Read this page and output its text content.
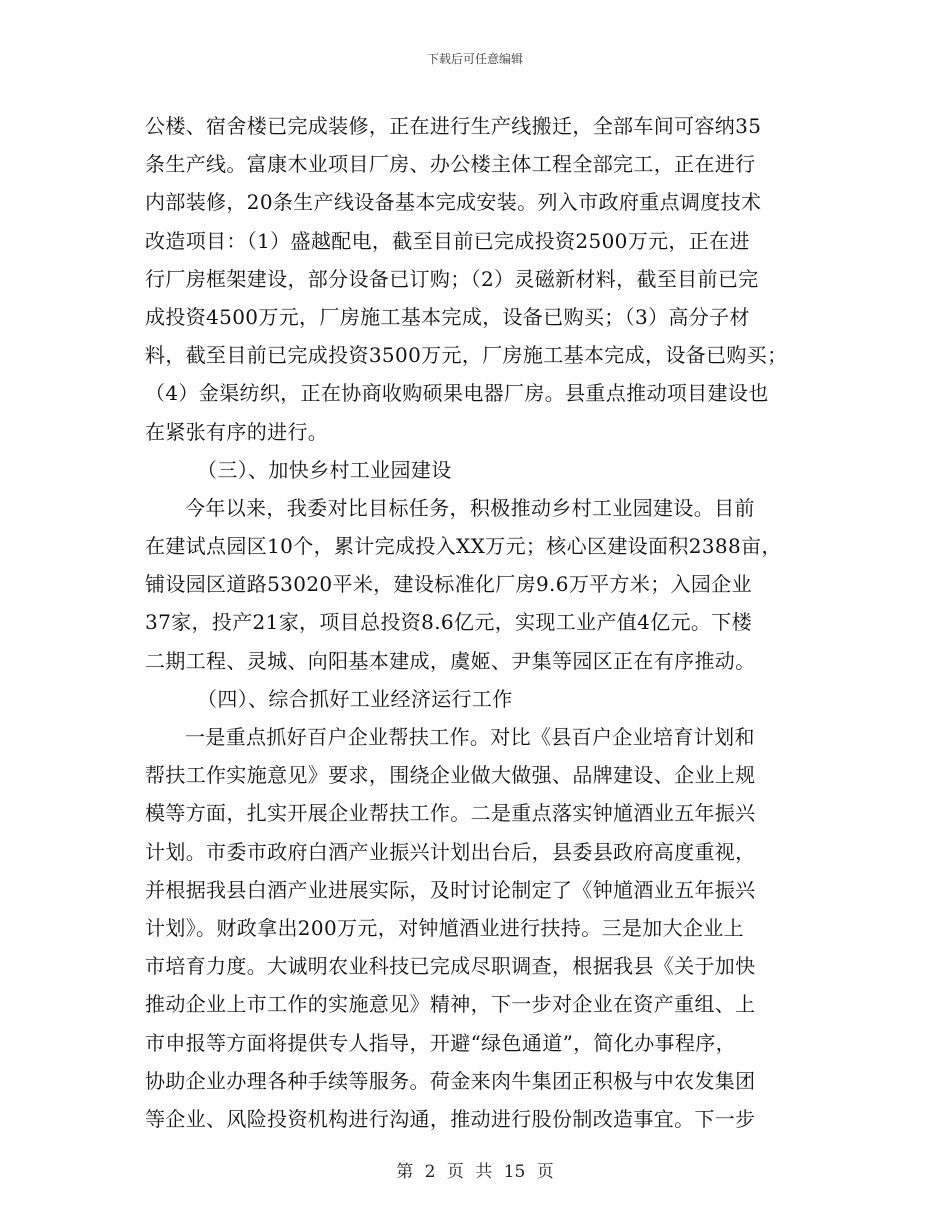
下载后可任意编辑
公楼、宿舍楼已完成装修，正在进行生产线搬迁，全部车间可容纳35
条生产线。富康木业项目厂房、办公楼主体工程全部完工，正在进行
内部装修，20条生产线设备基本完成安装。列入市政府重点调度技术
改造项目：（1）盛越配电，截至目前已完成投资2500万元，正在进
行厂房框架建设，部分设备已订购；（2）灵磁新材料，截至目前已完
成投资4500万元，厂房施工基本完成，设备已购买；（3）高分子材
料，截至目前已完成投资3500万元，厂房施工基本完成，设备已购买；
（4）金渠纺织，正在协商收购硕果电器厂房。县重点推动项目建设也
在紧张有序的进行。
（三）、加快乡村工业园建设
今年以来，我委对比目标任务，积极推动乡村工业园建设。目前
在建试点园区10个，累计完成投入XX万元；核心区建设面积2388亩，
铺设园区道路53020平米，建设标准化厂房9.6万平方米；入园企业
37家，投产21家，项目总投资8.6亿元，实现工业产值4亿元。下楼
二期工程、灵城、向阳基本建成，虞姬、尹集等园区正在有序推动。
（四）、综合抓好工业经济运行工作
一是重点抓好百户企业帮扶工作。对比《县百户企业培育计划和
帮扶工作实施意见》要求，围绕企业做大做强、品牌建设、企业上规
模等方面，扎实开展企业帮扶工作。二是重点落实钟馗酒业五年振兴
计划。市委市政府白酒产业振兴计划出台后，县委县政府高度重视，
并根据我县白酒产业进展实际，及时讨论制定了《钟馗酒业五年振兴
计划》。财政拿出200万元，对钟馗酒业进行扶持。三是加大企业上
市培育力度。大诚明农业科技已完成尽职调查，根据我县《关于加快
推动企业上市工作的实施意见》精神，下一步对企业在资产重组、上
市申报等方面将提供专人指导，开避“绿色通道”，简化办事程序，
协助企业办理各种手续等服务。荷金来肉牛集团正积极与中农发集团
等企业、风险投资机构进行沟通，推动进行股份制改造事宜。下一步
第 2 页 共 15 页
